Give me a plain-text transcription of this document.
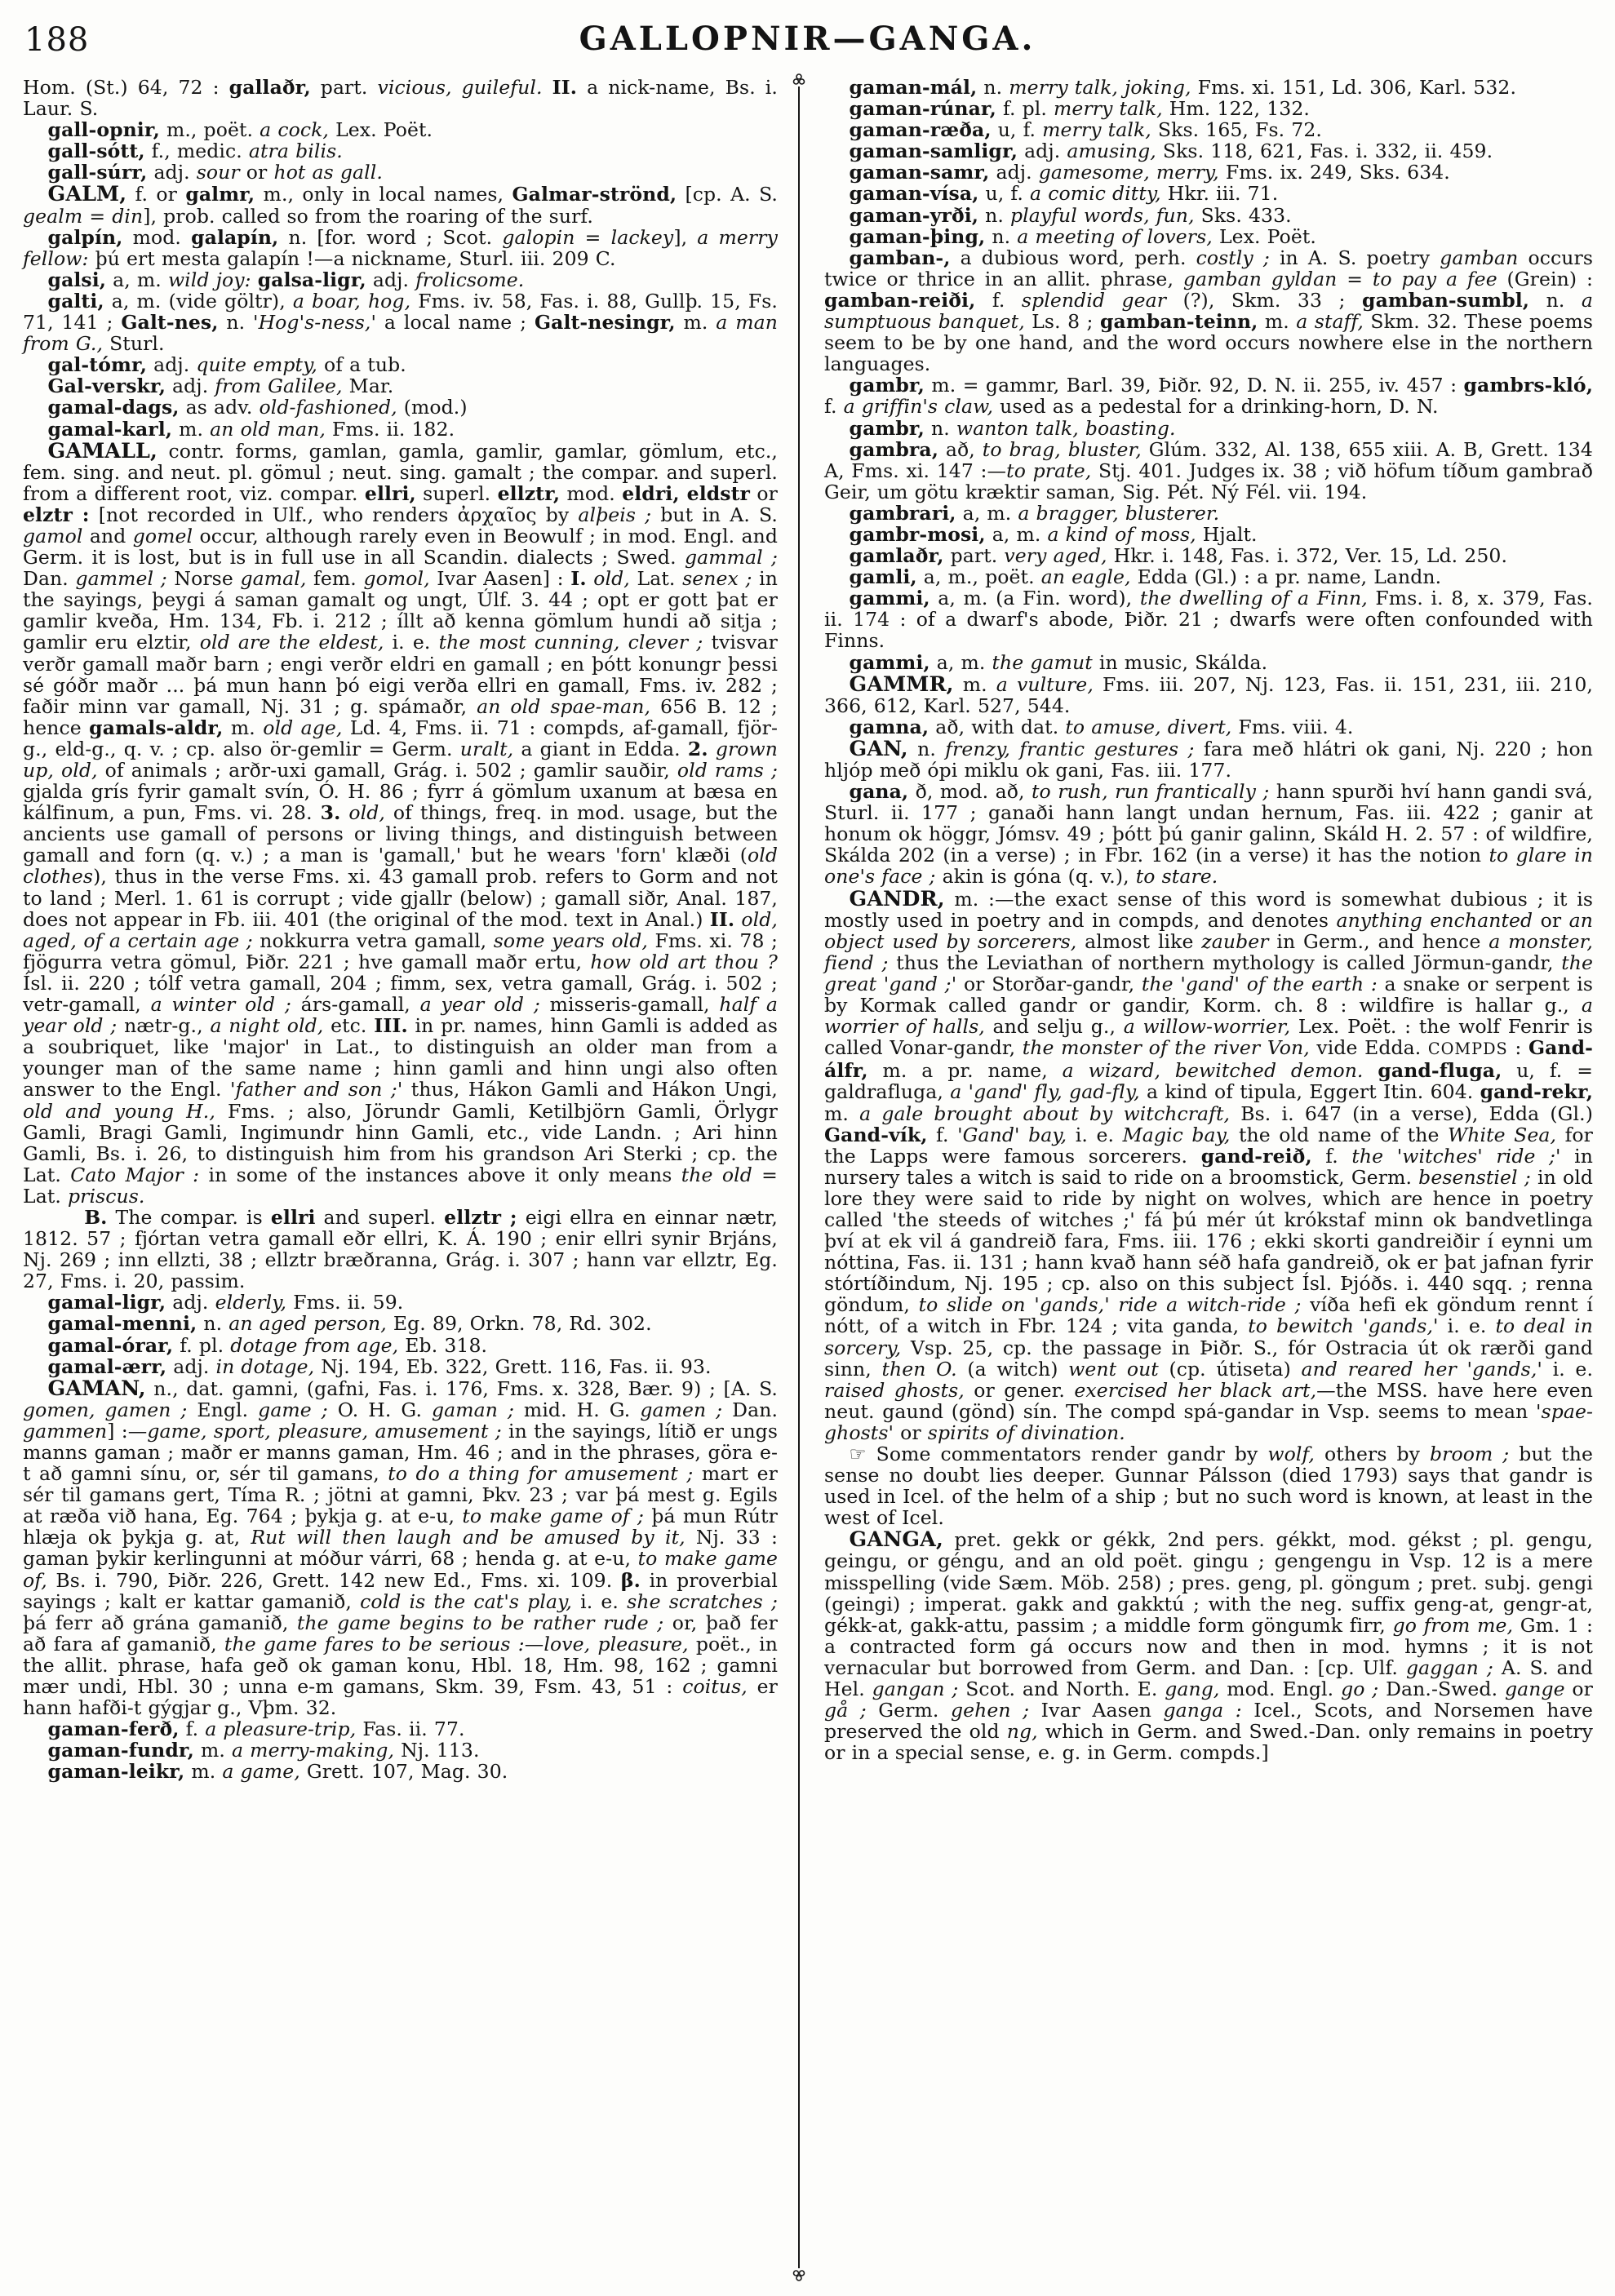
188	GALLOPNIR—GANGA.

Hom. (St.) 64, 72 : gallaðr, part. vicious, guileful. II. a nick-name, Bs. i. Laur. S.

gall-opnir, m., poët. a cock, Lex. Poët.

gall-sótt, f., medic. atra bilis.

gall-súrr, adj. sour or hot as gall.

GALM, f. or galmr, m., only in local names, Galmar-strönd, [cp. A. S. gealm = din], prob. called so from the roaring of the surf.

galpín, mod. galapín, n. [for. word ; Scot. galopin = lackey], a merry fellow: þú ert mesta galapín !—a nickname, Sturl. iii. 209 C.

galsi, a, m. wild joy: galsa-ligr, adj. frolicsome.

galti, a, m. (vide göltr), a boar, hog, Fms. iv. 58, Fas. i. 88, Gullþ. 15, Fs. 71, 141 ; Galt-nes, n. 'Hog's-ness,' a local name ; Galt-nesingr, m. a man from G., Sturl.

gal-tómr, adj. quite empty, of a tub.

Gal-verskr, adj. from Galilee, Mar.

gamal-dags, as adv. old-fashioned, (mod.)

gamal-karl, m. an old man, Fms. ii. 182.

GAMALL, contr. forms, gamlan, gamla, gamlir, gamlar, gömlum, etc., fem. sing. and neut. pl. gömul ; neut. sing. gamalt ; the compar. and superl. from a different root, viz. compar. ellri, superl. ellztr, mod. eldri, eldstr or elztr : [not recorded in Ulf., who renders ἀρχαῖος by alþeis ; but in A. S. gamol and gomel occur, although rarely even in Beowulf ; in mod. Engl. and Germ. it is lost, but is in full use in all Scandin. dialects ; Swed. gammal ; Dan. gammel ; Norse gamal, fem. gomol, Ivar Aasen] : I. old, Lat. senex ; in the sayings, þeygi á saman gamalt og ungt, Úlf. 3. 44 ; opt er gott þat er gamlir kveða, Hm. 134, Fb. i. 212 ; íllt að kenna gömlum hundi að sitja ; gamlir eru elztir, old are the eldest, i. e. the most cunning, clever ; tvisvar verðr gamall maðr barn ; engi verðr eldri en gamall ; en þótt konungr þessi sé góðr maðr ... þá mun hann þó eigi verða ellri en gamall, Fms. iv. 282 ; faðir minn var gamall, Nj. 31 ; g. spámaðr, an old spae-man, 656 B. 12 ; hence gamals-aldr, m. old age, Ld. 4, Fms. ii. 71 : compds, af-gamall, fjör-g., eld-g., q. v. ; cp. also ör-gemlir = Germ. uralt, a giant in Edda. 2. grown up, old, of animals ; arðr-uxi gamall, Grág. i. 502 ; gamlir sauðir, old rams ; gjalda grís fyrir gamalt svín, Ó. H. 86 ; fyrr á gömlum uxanum at bæsa en kálfinum, a pun, Fms. vi. 28. 3. old, of things, freq. in mod. usage, but the ancients use gamall of persons or living things, and distinguish between gamall and forn (q. v.) ; a man is 'gamall,' but he wears 'forn' klæði (old clothes), thus in the verse Fms. xi. 43 gamall prob. refers to Gorm and not to land ; Merl. 1. 61 is corrupt ; vide gjallr (below) ; gamall siðr, Anal. 187, does not appear in Fb. iii. 401 (the original of the mod. text in Anal.) II. old, aged, of a certain age ; nokkurra vetra gamall, some years old, Fms. xi. 78 ; fjögurra vetra gömul, Þiðr. 221 ; hve gamall maðr ertu, how old art thou ? Ísl. ii. 220 ; tólf vetra gamall, 204 ; fimm, sex, vetra gamall, Grág. i. 502 ; vetr-gamall, a winter old ; árs-gamall, a year old ; misseris-gamall, half a year old ; nætr-g., a night old, etc. III. in pr. names, hinn Gamli is added as a soubriquet, like 'major' in Lat., to distinguish an older man from a younger man of the same name ; hinn gamli and hinn ungi also often answer to the Engl. 'father and son ;' thus, Hákon Gamli and Hákon Ungi, old and young H., Fms. ; also, Jörundr Gamli, Ketilbjörn Gamli, Örlygr Gamli, Bragi Gamli, Ingimundr hinn Gamli, etc., vide Landn. ; Ari hinn Gamli, Bs. i. 26, to distinguish him from his grandson Ari Sterki ; cp. the Lat. Cato Major : in some of the instances above it only means the old = Lat. priscus.

B. The compar. is ellri and superl. ellztr ; eigi ellra en einnar nætr, 1812. 57 ; fjórtan vetra gamall eðr ellri, K. Á. 190 ; enir ellri synir Brjáns, Nj. 269 ; inn ellzti, 38 ; ellztr bræðranna, Grág. i. 307 ; hann var ellztr, Eg. 27, Fms. i. 20, passim.

gamal-ligr, adj. elderly, Fms. ii. 59.

gamal-menni, n. an aged person, Eg. 89, Orkn. 78, Rd. 302.

gamal-órar, f. pl. dotage from age, Eb. 318.

gamal-ærr, adj. in dotage, Nj. 194, Eb. 322, Grett. 116, Fas. ii. 93.

GAMAN, n., dat. gamni, (gafni, Fas. i. 176, Fms. x. 328, Bær. 9) ; [A. S. gomen, gamen ; Engl. game ; O. H. G. gaman ; mid. H. G. gamen ; Dan. gammen] :—game, sport, pleasure, amusement ; in the sayings, lítið er ungs manns gaman ; maðr er manns gaman, Hm. 46 ; and in the phrases, göra e-t að gamni sínu, or, sér til gamans, to do a thing for amusement ; mart er sér til gamans gert, Tíma R. ; jötni at gamni, Þkv. 23 ; var þá mest g. Egils at ræða við hana, Eg. 764 ; þykja g. at e-u, to make game of ; þá mun Rútr hlæja ok þykja g. at, Rut will then laugh and be amused by it, Nj. 33 : gaman þykir kerlingunni at móður várri, 68 ; henda g. at e-u, to make game of, Bs. i. 790, Þiðr. 226, Grett. 142 new Ed., Fms. xi. 109. β. in proverbial sayings ; kalt er kattar gamanið, cold is the cat's play, i. e. she scratches ; þá ferr að grána gamanið, the game begins to be rather rude ; or, það fer að fara af gamanið, the game fares to be serious :—love, pleasure, poët., in the allit. phrase, hafa geð ok gaman konu, Hbl. 18, Hm. 98, 162 ; gamni mær undi, Hbl. 30 ; unna e-m gamans, Skm. 39, Fsm. 43, 51 : coitus, er hann hafði-t gýgjar g., Vþm. 32.

gaman-ferð, f. a pleasure-trip, Fas. ii. 77.

gaman-fundr, m. a merry-making, Nj. 113.

gaman-leikr, m. a game, Grett. 107, Mag. 30.

gaman-mál, n. merry talk, joking, Fms. xi. 151, Ld. 306, Karl. 532.

gaman-rúnar, f. pl. merry talk, Hm. 122, 132.

gaman-ræða, u, f. merry talk, Sks. 165, Fs. 72.

gaman-samligr, adj. amusing, Sks. 118, 621, Fas. i. 332, ii. 459.

gaman-samr, adj. gamesome, merry, Fms. ix. 249, Sks. 634.

gaman-vísa, u, f. a comic ditty, Hkr. iii. 71.

gaman-yrði, n. playful words, fun, Sks. 433.

gaman-þing, n. a meeting of lovers, Lex. Poët.

gamban-, a dubious word, perh. costly ; in A. S. poetry gamban occurs twice or thrice in an allit. phrase, gamban gyldan = to pay a fee (Grein) : gamban-reiði, f. splendid gear (?), Skm. 33 ; gamban-sumbl, n. a sumptuous banquet, Ls. 8 ; gamban-teinn, m. a staff, Skm. 32. These poems seem to be by one hand, and the word occurs nowhere else in the northern languages.

gambr, m. = gammr, Barl. 39, Þiðr. 92, D. N. ii. 255, iv. 457 : gambrs-kló, f. a griffin's claw, used as a pedestal for a drinking-horn, D. N.

gambr, n. wanton talk, boasting.

gambra, að, to brag, bluster, Glúm. 332, Al. 138, 655 xiii. A. B, Grett. 134 A, Fms. xi. 147 :—to prate, Stj. 401. Judges ix. 38 ; við höfum tíðum gambrað Geir, um götu kræktir saman, Sig. Pét. Ný Fél. vii. 194.

gambrari, a, m. a bragger, blusterer.

gambr-mosi, a, m. a kind of moss, Hjalt.

gamlaðr, part. very aged, Hkr. i. 148, Fas. i. 372, Ver. 15, Ld. 250.

gamli, a, m., poët. an eagle, Edda (Gl.) : a pr. name, Landn.

gammi, a, m. (a Fin. word), the dwelling of a Finn, Fms. i. 8, x. 379, Fas. ii. 174 : of a dwarf's abode, Þiðr. 21 ; dwarfs were often confounded with Finns.

gammi, a, m. the gamut in music, Skálda.

GAMMR, m. a vulture, Fms. iii. 207, Nj. 123, Fas. ii. 151, 231, iii. 210, 366, 612, Karl. 527, 544.

gamna, að, with dat. to amuse, divert, Fms. viii. 4.

GAN, n. frenzy, frantic gestures ; fara með hlátri ok gani, Nj. 220 ; hon hljóp með ópi miklu ok gani, Fas. iii. 177.

gana, ð, mod. að, to rush, run frantically ; hann spurði hví hann gandi svá, Sturl. ii. 177 ; ganaði hann langt undan hernum, Fas. iii. 422 ; ganir at honum ok höggr, Jómsv. 49 ; þótt þú ganir galinn, Skáld H. 2. 57 : of wildfire, Skálda 202 (in a verse) ; in Fbr. 162 (in a verse) it has the notion to glare in one's face ; akin is góna (q. v.), to stare.

GANDR, m. :—the exact sense of this word is somewhat dubious ; it is mostly used in poetry and in compds, and denotes anything enchanted or an object used by sorcerers, almost like zauber in Germ., and hence a monster, fiend ; thus the Leviathan of northern mythology is called Jörmun-gandr, the great 'gand ;' or Storðar-gandr, the 'gand' of the earth : a snake or serpent is by Kormak called gandr or gandir, Korm. ch. 8 : wildfire is hallar g., a worrier of halls, and selju g., a willow-worrier, Lex. Poët. : the wolf Fenrir is called Vonar-gandr, the monster of the river Von, vide Edda. COMPDS : Gand-álfr, m. a pr. name, a wizard, bewitched demon. gand-fluga, u, f. = galdrafluga, a 'gand' fly, gad-fly, a kind of tipula, Eggert Itin. 604. gand-rekr, m. a gale brought about by witchcraft, Bs. i. 647 (in a verse), Edda (Gl.) Gand-vík, f. 'Gand' bay, i. e. Magic bay, the old name of the White Sea, for the Lapps were famous sorcerers. gand-reið, f. the 'witches' ride ;' in nursery tales a witch is said to ride on a broomstick, Germ. besenstiel ; in old lore they were said to ride by night on wolves, which are hence in poetry called 'the steeds of witches ;' fá þú mér út krókstaf minn ok bandvetlinga því at ek vil á gandreið fara, Fms. iii. 176 ; ekki skorti gandreiðir í eynni um nóttina, Fas. ii. 131 ; hann kvað hann séð hafa gandreið, ok er þat jafnan fyrir stórtíðindum, Nj. 195 ; cp. also on this subject Ísl. Þjóðs. i. 440 sqq. ; renna göndum, to slide on 'gands,' ride a witch-ride ; víða hefi ek göndum rennt í nótt, of a witch in Fbr. 124 ; vita ganda, to bewitch 'gands,' i. e. to deal in sorcery, Vsp. 25, cp. the passage in Þiðr. S., fór Ostracia út ok rærði gand sinn, then O. (a witch) went out (cp. útiseta) and reared her 'gands,' i. e. raised ghosts, or gener. exercised her black art,—the MSS. have here even neut. gaund (gönd) sín. The compd spá-gandar in Vsp. seems to mean 'spae-ghosts' or spirits of divination.

☞ Some commentators render gandr by wolf, others by broom ; but the sense no doubt lies deeper. Gunnar Pálsson (died 1793) says that gandr is used in Icel. of the helm of a ship ; but no such word is known, at least in the west of Icel.

GANGA, pret. gekk or gékk, 2nd pers. gékkt, mod. gékst ; pl. gengu, geingu, or géngu, and an old poët. gingu ; gengengu in Vsp. 12 is a mere misspelling (vide Sæm. Möb. 258) ; pres. geng, pl. göngum ; pret. subj. gengi (geingi) ; imperat. gakk and gakktú ; with the neg. suffix geng-at, gengr-at, gékk-at, gakk-attu, passim ; a middle form göngumk firr, go from me, Gm. 1 : a contracted form gá occurs now and then in mod. hymns ; it is not vernacular but borrowed from Germ. and Dan. : [cp. Ulf. gaggan ; A. S. and Hel. gangan ; Scot. and North. E. gang, mod. Engl. go ; Dan.-Swed. gange or gå ; Germ. gehen ; Ivar Aasen ganga : Icel., Scots, and Norsemen have preserved the old ng, which in Germ. and Swed.-Dan. only remains in poetry or in a special sense, e. g. in Germ. compds.]
